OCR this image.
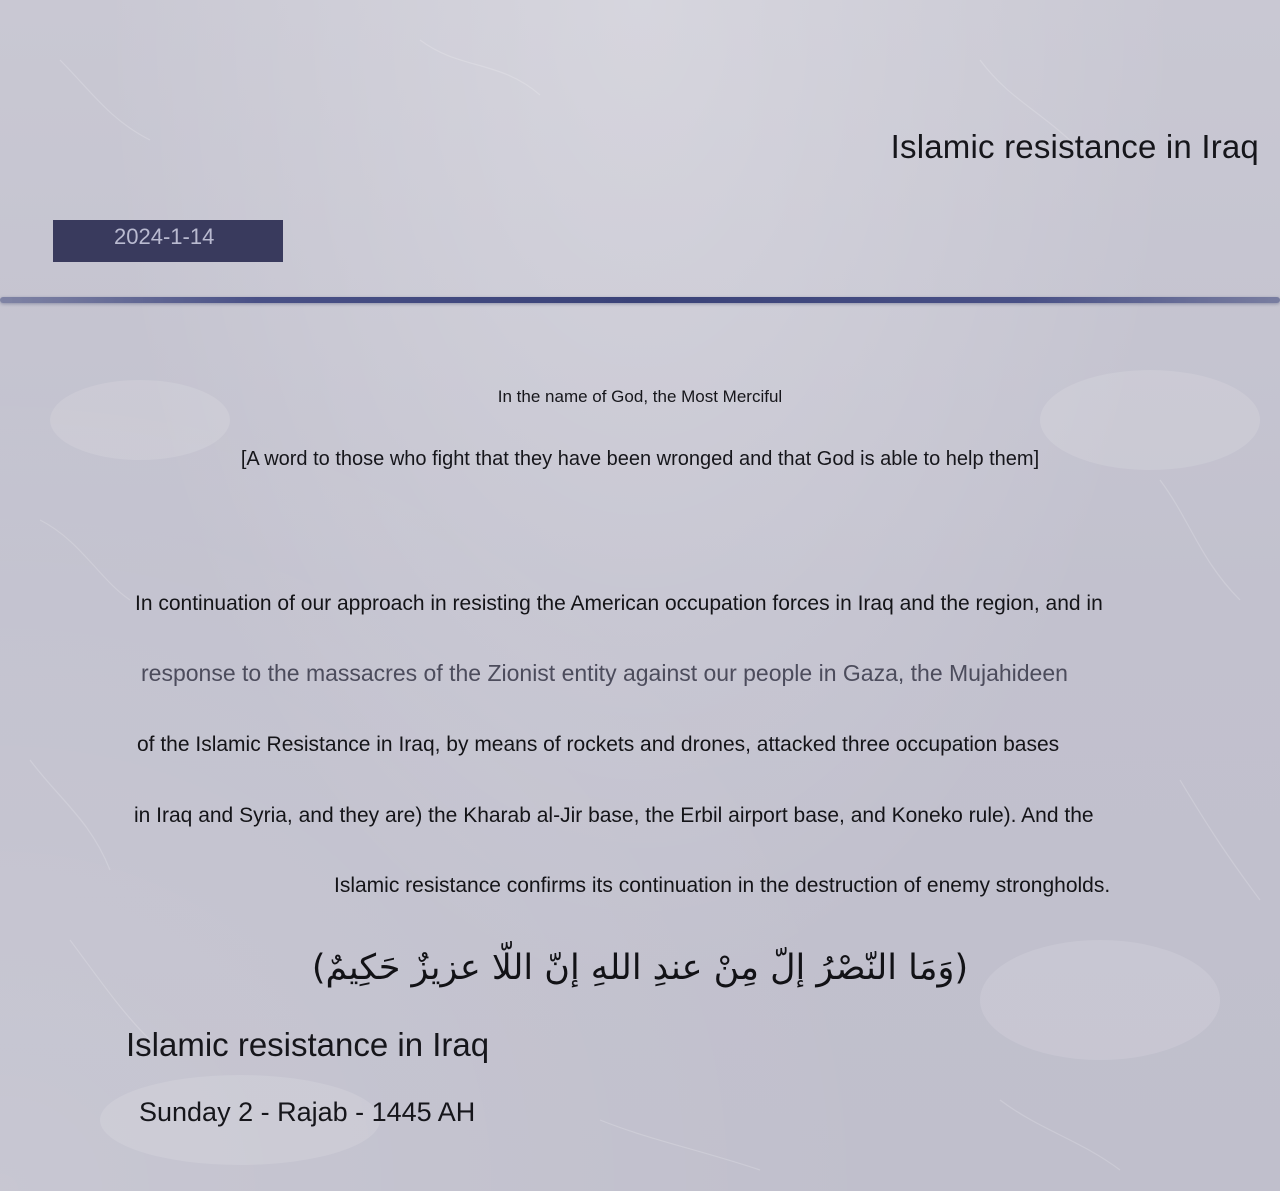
Islamic resistance in Iraq
2024-1-14
In the name of God, the Most Merciful
[A word to those who fight that they have been wronged and that God is able to help them]
In continuation of our approach in resisting the American occupation forces in Iraq and the region, and in
response to the massacres of the Zionist entity against our people in Gaza, the Mujahideen
of the Islamic Resistance in Iraq, by means of rockets and drones, attacked three occupation bases
in Iraq and Syria, and they are) the Kharab al-Jir base, the Erbil airport base, and Koneko rule). And the
Islamic resistance confirms its continuation in the destruction of enemy strongholds.
(وَمَا النّصْرُ إلّ مِنْ عندِ اللهِ إنّ اللّا عزيزٌ حَكِيمٌ)
Islamic resistance in Iraq
Sunday 2 - Rajab - 1445 AH
